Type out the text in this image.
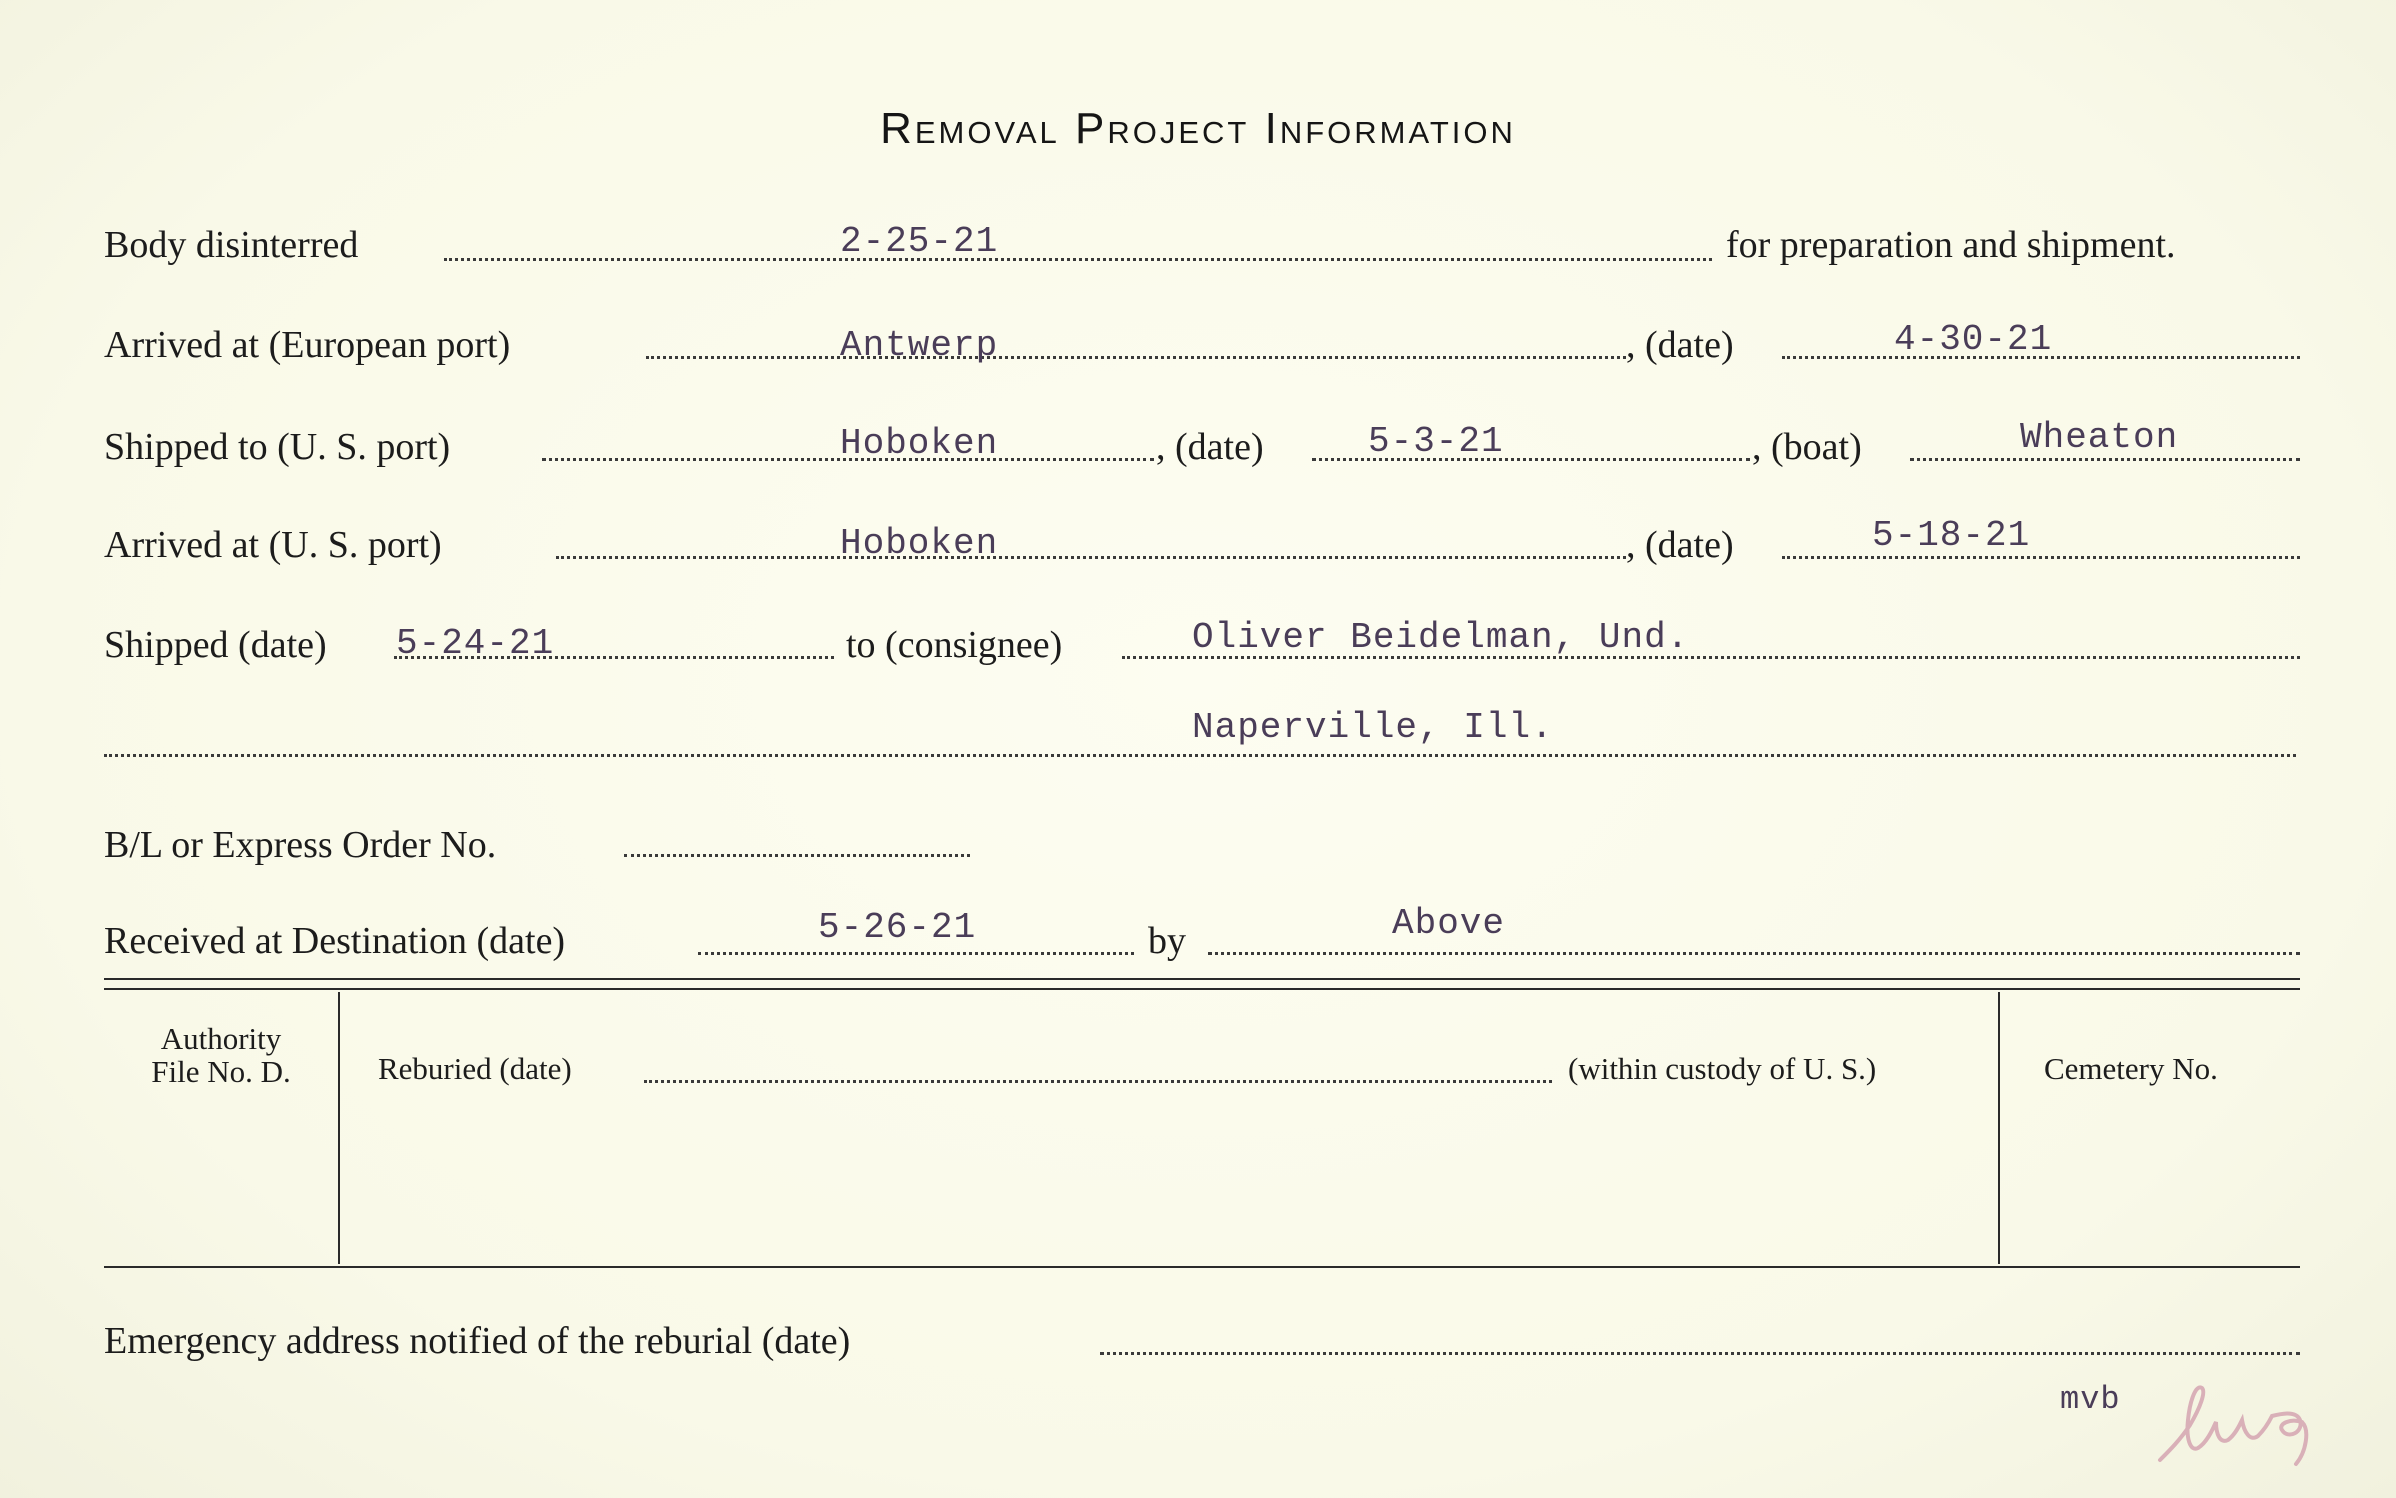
Removal Project Information
Body disinterred	2-25-21	for preparation and shipment.
Arrived at (European port)	Antwerp	, (date)	4-30-21
Shipped to (U. S. port)	Hoboken	, (date)	5-3-21	, (boat)	Wheaton
Arrived at (U. S. port)	Hoboken	, (date)	5-18-21
Shipped (date) 5-24-21	to (consignee)	Oliver Beidelman, Und.
Naperville, Ill.
B/L or Express Order No.
Received at Destination (date)	5-26-21	by	Above
Authority
File No. D.	Reburied (date)	(within custody of U. S.)	Cemetery No.
Emergency address notified of the reburial (date)
mvb
